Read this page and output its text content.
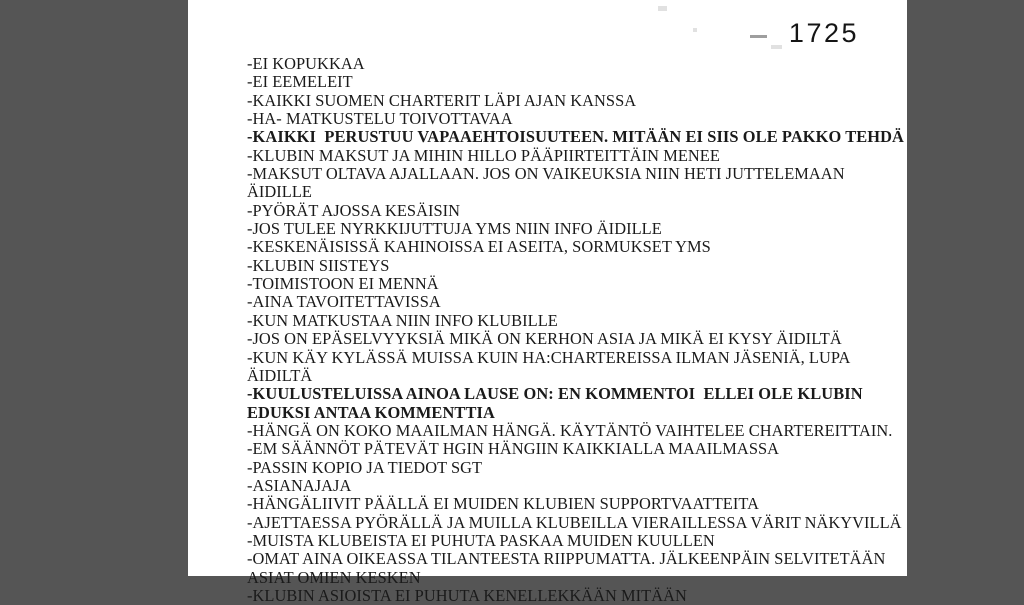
1725
-EI KOPUKKAA
-EI EEMELEIT
-KAIKKI SUOMEN CHARTERIT LÄPI AJAN KANSSA
-HA- MATKUSTELU TOIVOTTAVAA
-KAIKKI  PERUSTUU VAPAAEHTOISUUTEEN. MITÄÄN EI SIIS OLE PAKKO TEHDÄ
-KLUBIN MAKSUT JA MIHIN HILLO PÄÄPIIRTEITTÄIN MENEE
-MAKSUT OLTAVA AJALLAAN. JOS ON VAIKEUKSIA NIIN HETI JUTTELEMAAN
ÄIDILLE
-PYÖRÄT AJOSSA KESÄISIN
-JOS TULEE NYRKKIJUTTUJA YMS NIIN INFO ÄIDILLE
-KESKENÄISISSÄ KAHINOISSA EI ASEITA, SORMUKSET YMS
-KLUBIN SIISTEYS
-TOIMISTOON EI MENNÄ
-AINA TAVOITETTAVISSA
-KUN MATKUSTAA NIIN INFO KLUBILLE
-JOS ON EPÄSELVYYKSIÄ MIKÄ ON KERHON ASIA JA MIKÄ EI KYSY ÄIDILTÄ
-KUN KÄY KYLÄSSÄ MUISSA KUIN HA:CHARTEREISSA ILMAN JÄSENIÄ, LUPA
ÄIDILTÄ
-KUULUSTELUISSA AINOA LAUSE ON: EN KOMMENTOI  ELLEI OLE KLUBIN
EDUKSI ANTAA KOMMENTTIA
-HÄNGÄ ON KOKO MAAILMAN HÄNGÄ. KÄYTÄNTÖ VAIHTELEE CHARTEREITTAIN.
-EM SÄÄNNÖT PÄTEVÄT HGIN HÄNGIIN KAIKKIALLA MAAILMASSA
-PASSIN KOPIO JA TIEDOT SGT
-ASIANAJAJA
-HÄNGÄLIIVIT PÄÄLLÄ EI MUIDEN KLUBIEN SUPPORTVAATTEITA
-AJETTAESSA PYÖRÄLLÄ JA MUILLA KLUBEILLA VIERAILLESSA VÄRIT NÄKYVILLÄ
-MUISTA KLUBEISTA EI PUHUTA PASKAA MUIDEN KUULLEN
-OMAT AINA OIKEASSA TILANTEESTA RIIPPUMATTA. JÄLKEENPÄIN SELVITETÄÄN
ASIAT OMIEN KESKEN
-KLUBIN ASIOISTA EI PUHUTA KENELLEKKÄÄN MITÄÄN
